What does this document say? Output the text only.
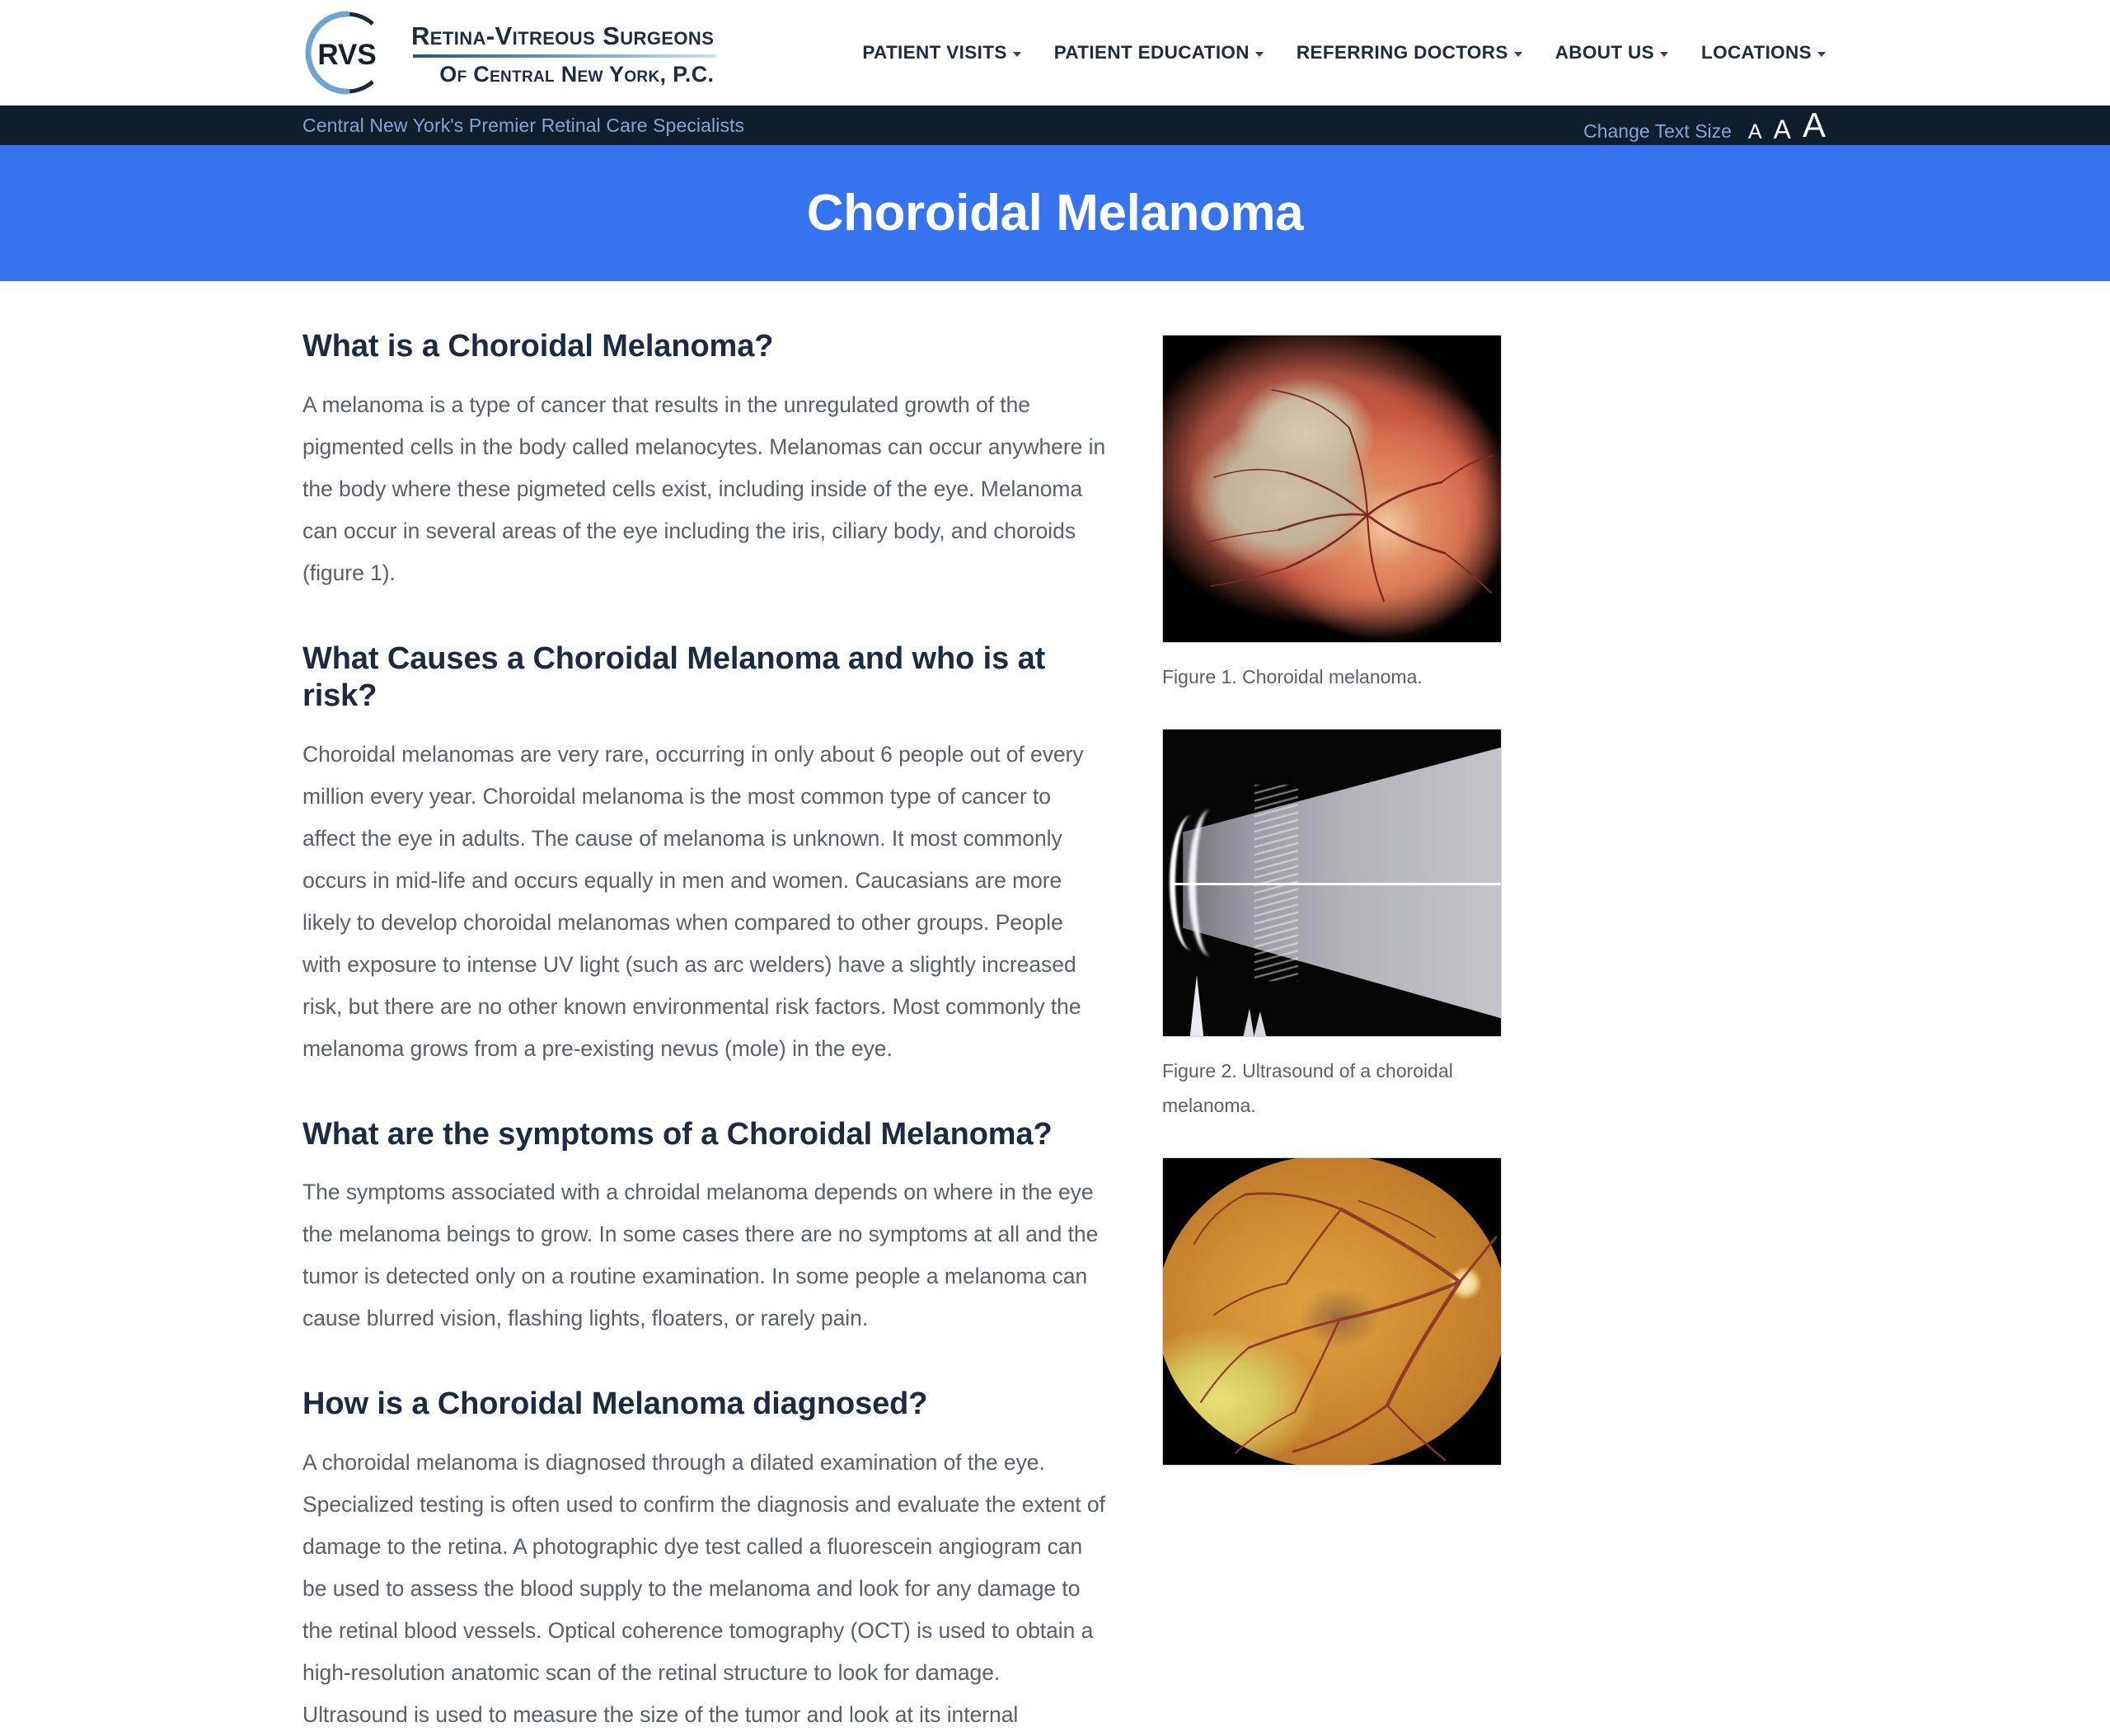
RVS
Retina-Vitreous Surgeons
Of Central New York, P.C.
PATIENT VISITS	PATIENT EDUCATION	REFERRING DOCTORS	ABOUT US	LOCATIONS
Central New York's Premier Retinal Care Specialists	Change Text Size A A A
Choroidal Melanoma
What is a Choroidal Melanoma?

A melanoma is a type of cancer that results in the unregulated growth of the pigmented cells in the body called melanocytes. Melanomas can occur anywhere in the body where these pigmeted cells exist, including inside of the eye. Melanoma can occur in several areas of the eye including the iris, ciliary body, and choroids (figure 1).

What Causes a Choroidal Melanoma and who is at risk?

Choroidal melanomas are very rare, occurring in only about 6 people out of every million every year. Choroidal melanoma is the most common type of cancer to affect the eye in adults. The cause of melanoma is unknown. It most commonly occurs in mid-life and occurs equally in men and women. Caucasians are more likely to develop choroidal melanomas when compared to other groups. People with exposure to intense UV light (such as arc welders) have a slightly increased risk, but there are no other known environmental risk factors. Most commonly the melanoma grows from a pre-existing nevus (mole) in the eye.

What are the symptoms of a Choroidal Melanoma?

The symptoms associated with a chroidal melanoma depends on where in the eye the melanoma beings to grow. In some cases there are no symptoms at all and the tumor is detected only on a routine examination. In some people a melanoma can cause blurred vision, flashing lights, floaters, or rarely pain.

How is a Choroidal Melanoma diagnosed?

A choroidal melanoma is diagnosed through a dilated examination of the eye. Specialized testing is often used to confirm the diagnosis and evaluate the extent of damage to the retina. A photographic dye test called a fluorescein angiogram can be used to assess the blood supply to the melanoma and look for any damage to the retinal blood vessels. Optical coherence tomography (OCT) is used to obtain a high-resolution anatomic scan of the retinal structure to look for damage. Ultrasound is used to measure the size of the tumor and look at its internal

Figure 1. Choroidal melanoma.
Figure 2. Ultrasound of a choroidal melanoma.
